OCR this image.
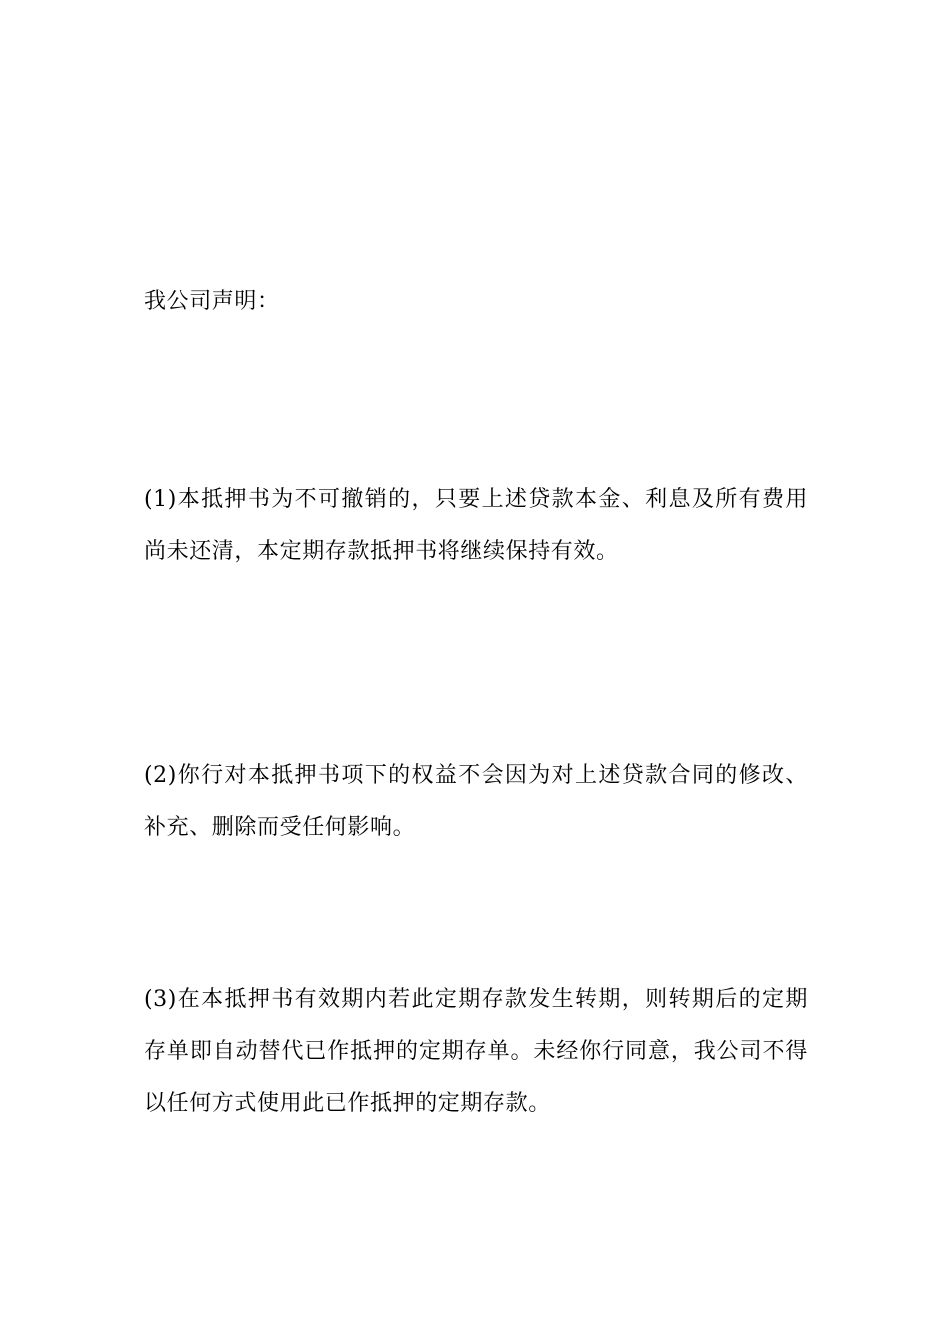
我公司声明：

(1)本抵押书为不可撤销的，只要上述贷款本金、利息及所有费用尚未还清，本定期存款抵押书将继续保持有效。

(2)你行对本抵押书项下的权益不会因为对上述贷款合同的修改、补充、删除而受任何影响。

(3)在本抵押书有效期内若此定期存款发生转期，则转期后的定期存单即自动替代已作抵押的定期存单。未经你行同意，我公司不得以任何方式使用此已作抵押的定期存款。
